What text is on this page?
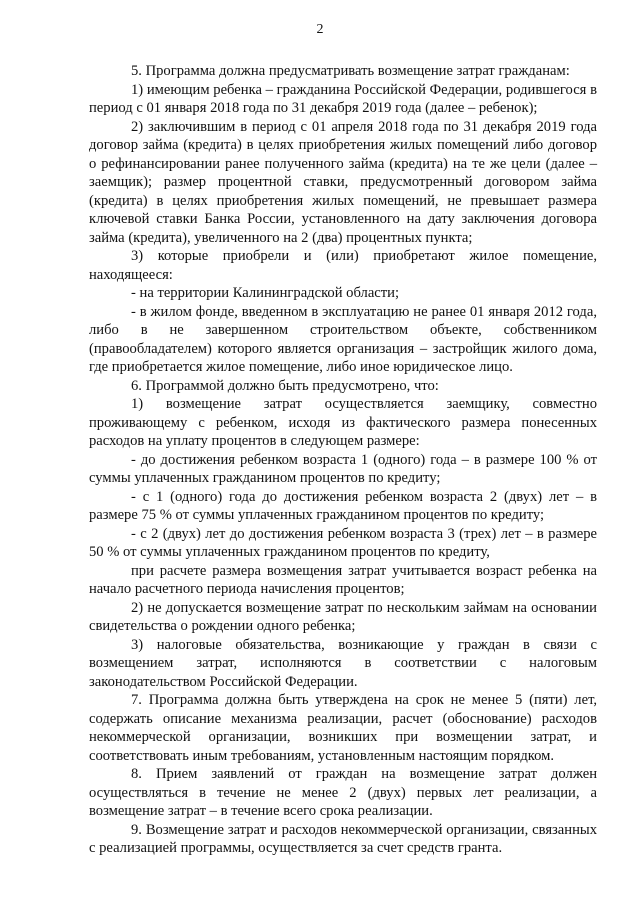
2

5. Программа должна предусматривать возмещение затрат гражданам:

1) имеющим ребенка – гражданина Российской Федерации, родившегося в период с 01 января 2018 года по 31 декабря 2019 года (далее – ребенок);

2) заключившим в период с 01 апреля 2018 года по 31 декабря 2019 года договор займа (кредита) в целях приобретения жилых помещений либо договор о рефинансировании ранее полученного займа (кредита) на те же цели (далее – заемщик); размер процентной ставки, предусмотренный договором займа (кредита) в целях приобретения жилых помещений, не превышает размера ключевой ставки Банка России, установленного на дату заключения договора займа (кредита), увеличенного на 2 (два) процентных пункта;

3) которые приобрели и (или) приобретают жилое помещение, находящееся:

- на территории Калининградской области;

- в жилом фонде, введенном в эксплуатацию не ранее 01 января 2012 года, либо в не завершенном строительством объекте, собственником (правообладателем) которого является организация – застройщик жилого дома, где приобретается жилое помещение, либо иное юридическое лицо.

6. Программой должно быть предусмотрено, что:

1) возмещение затрат осуществляется заемщику, совместно проживающему с ребенком, исходя из фактического размера понесенных расходов на уплату процентов в следующем размере:

- до достижения ребенком возраста 1 (одного) года – в размере 100 % от суммы уплаченных гражданином процентов по кредиту;

- с 1 (одного) года до достижения ребенком возраста 2 (двух) лет – в размере 75 % от суммы уплаченных гражданином процентов по кредиту;

- с 2 (двух) лет до достижения ребенком возраста 3 (трех) лет – в размере 50 % от суммы уплаченных гражданином процентов по кредиту,

при расчете размера возмещения затрат учитывается возраст ребенка на начало расчетного периода начисления процентов;

2) не допускается возмещение затрат по нескольким займам на основании свидетельства о рождении одного ребенка;

3) налоговые обязательства, возникающие у граждан в связи с возмещением затрат, исполняются в соответствии с налоговым законодательством Российской Федерации.

7. Программа должна быть утверждена на срок не менее 5 (пяти) лет, содержать описание механизма реализации, расчет (обоснование) расходов некоммерческой организации, возникших при возмещении затрат, и соответствовать иным требованиям, установленным настоящим порядком.

8. Прием заявлений от граждан на возмещение затрат должен осуществляться в течение не менее 2 (двух) первых лет реализации, а возмещение затрат – в течение всего срока реализации.

9. Возмещение затрат и расходов некоммерческой организации, связанных с реализацией программы, осуществляется за счет средств гранта.
